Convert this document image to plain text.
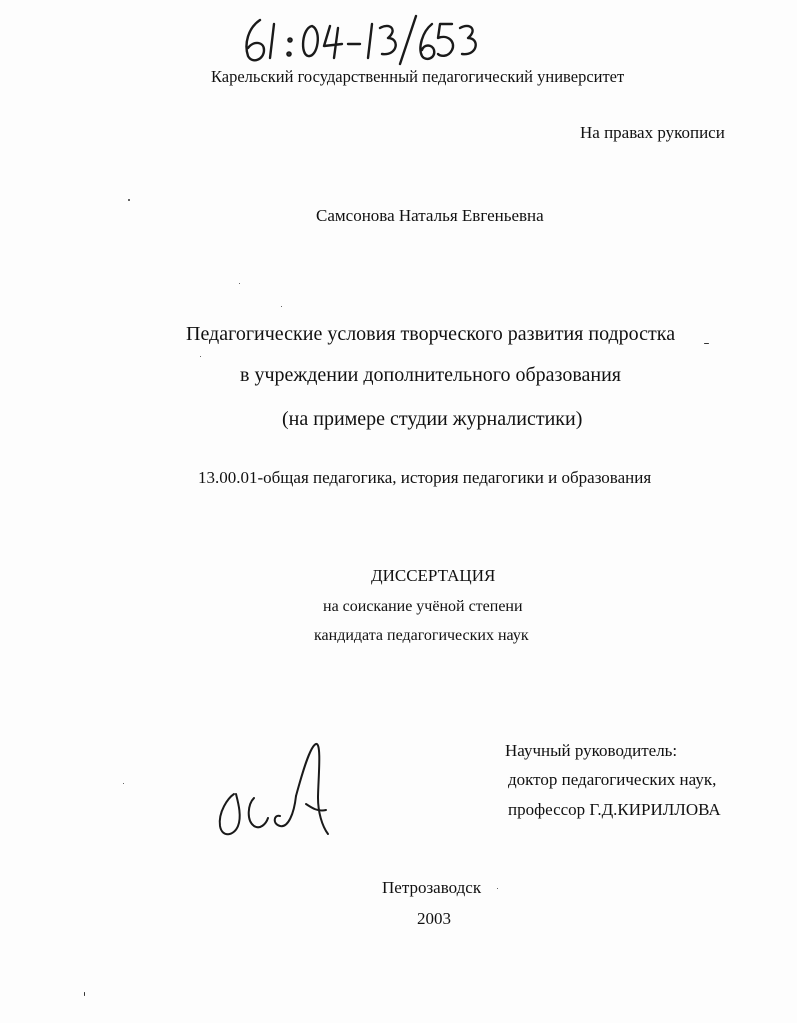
Карельский государственный педагогический университет
На правах рукописи
Самсонова Наталья Евгеньевна
Педагогические условия творческого развития подростка
в учреждении дополнительного образования
(на примере студии журналистики)
13.00.01-общая педагогика, история педагогики и образования
ДИССЕРТАЦИЯ
на соискание учёной степени
кандидата педагогических наук
Научный руководитель:
доктор педагогических наук,
профессор Г.Д.КИРИЛЛОВА
Петрозаводск
2003
